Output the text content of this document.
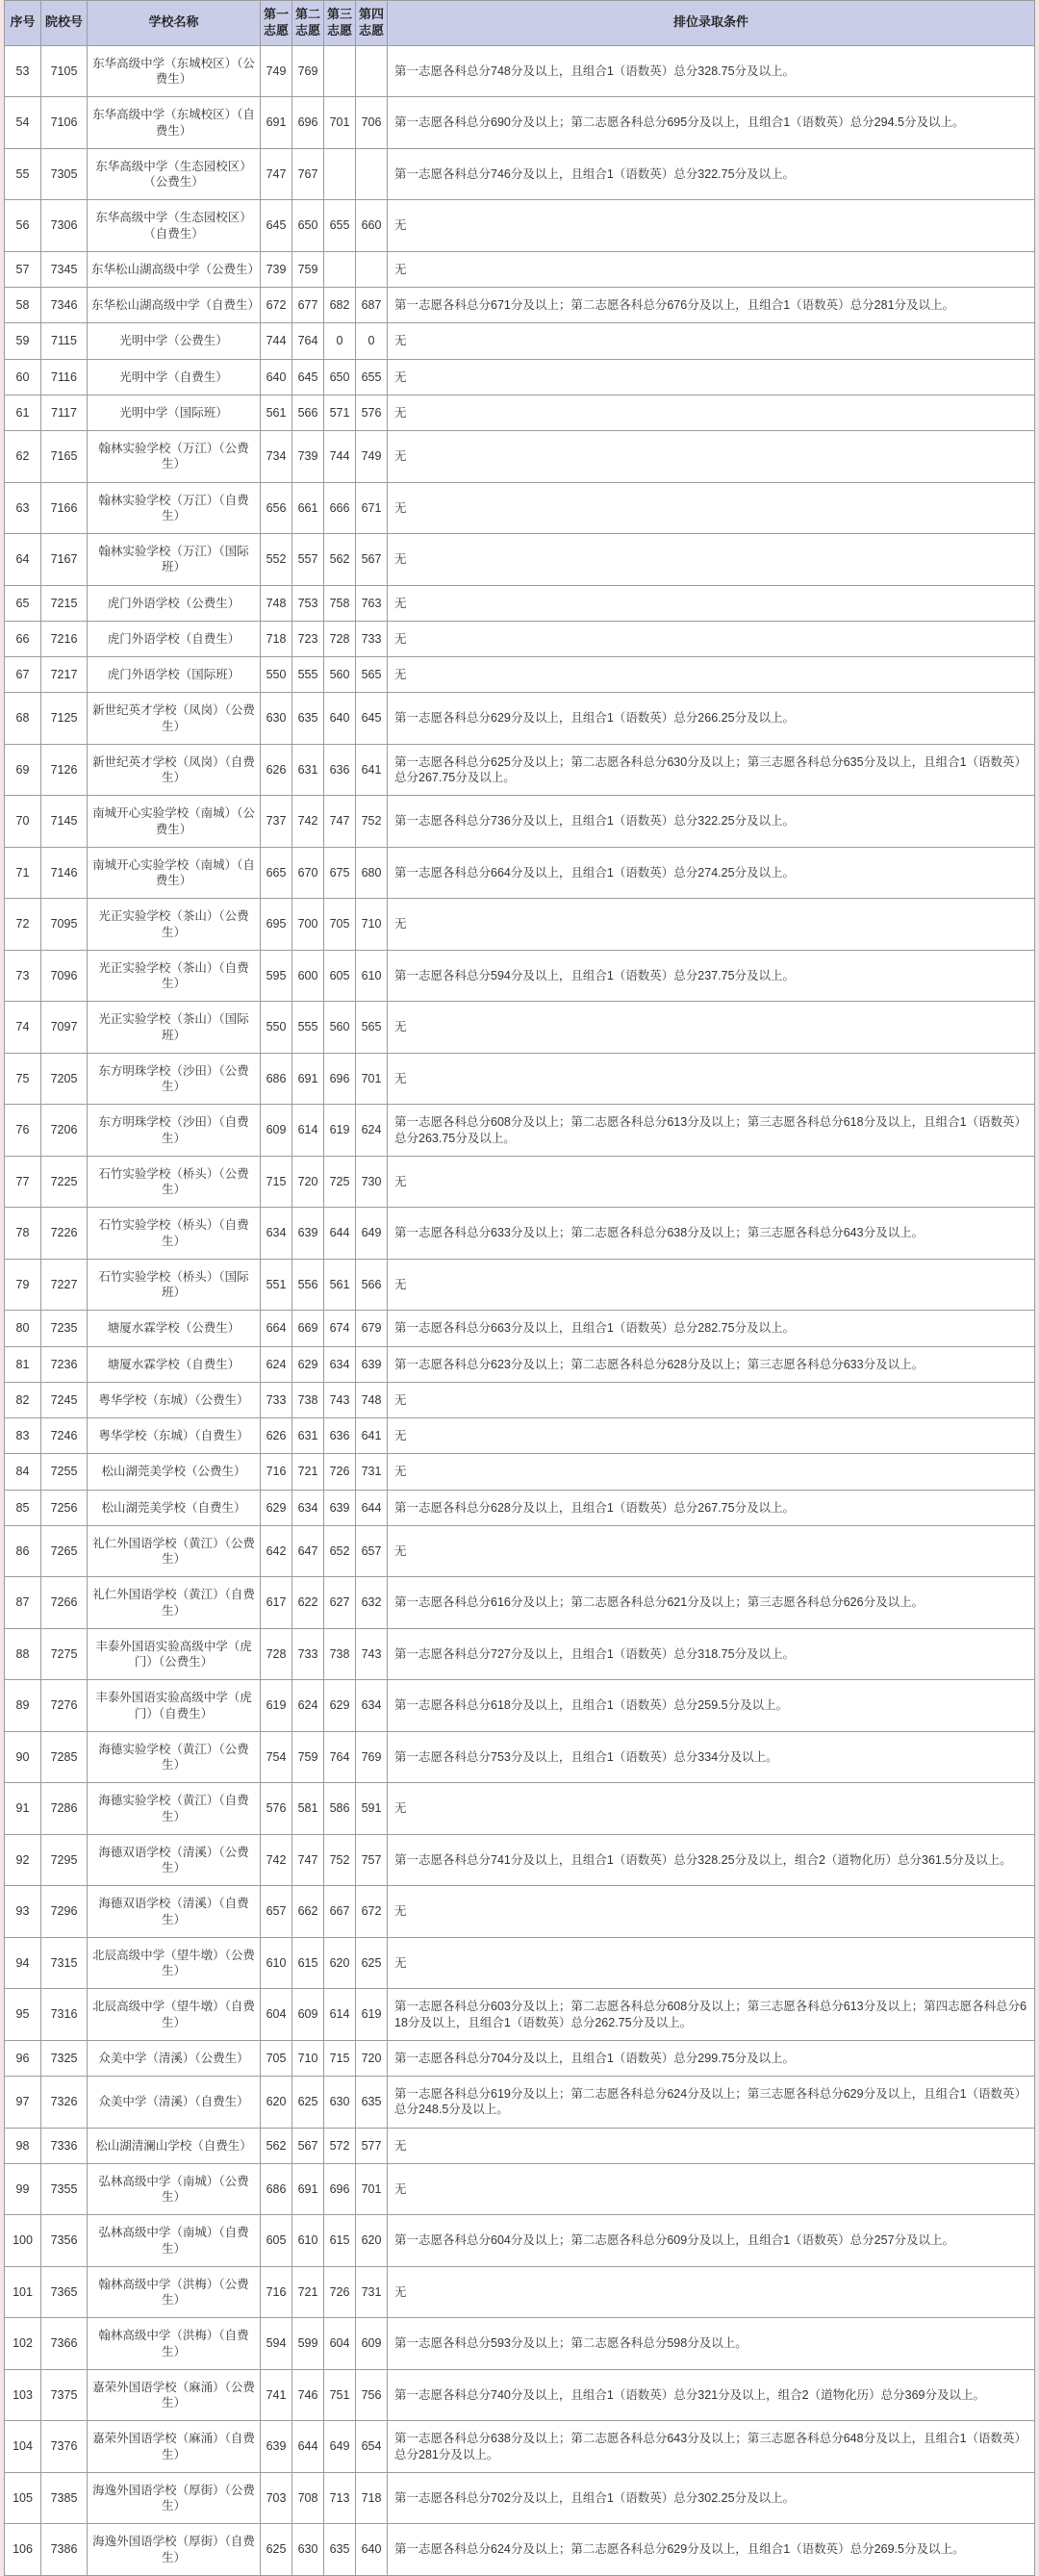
序号	院校号	学校名称	第一志愿	第二志愿	第三志愿	第四志愿	排位录取条件
53	7105	东华高级中学（东城校区）（公费生）	749	769			第一志愿各科总分748分及以上，且组合1（语数英）总分328.75分及以上。
54	7106	东华高级中学（东城校区）（自费生）	691	696	701	706	第一志愿各科总分690分及以上；第二志愿各科总分695分及以上，且组合1（语数英）总分294.5分及以上。
55	7305	东华高级中学（生态园校区）（公费生）	747	767			第一志愿各科总分746分及以上，且组合1（语数英）总分322.75分及以上。
56	7306	东华高级中学（生态园校区）（自费生）	645	650	655	660	无
57	7345	东华松山湖高级中学（公费生）	739	759			无
58	7346	东华松山湖高级中学（自费生）	672	677	682	687	第一志愿各科总分671分及以上；第二志愿各科总分676分及以上，且组合1（语数英）总分281分及以上。
59	7115	光明中学（公费生）	744	764	0	0	无
60	7116	光明中学（自费生）	640	645	650	655	无
61	7117	光明中学（国际班）	561	566	571	576	无
62	7165	翰林实验学校（万江）（公费生）	734	739	744	749	无
63	7166	翰林实验学校（万江）（自费生）	656	661	666	671	无
64	7167	翰林实验学校（万江）（国际班）	552	557	562	567	无
65	7215	虎门外语学校（公费生）	748	753	758	763	无
66	7216	虎门外语学校（自费生）	718	723	728	733	无
67	7217	虎门外语学校（国际班）	550	555	560	565	无
68	7125	新世纪英才学校（凤岗）（公费生）	630	635	640	645	第一志愿各科总分629分及以上，且组合1（语数英）总分266.25分及以上。
69	7126	新世纪英才学校（凤岗）（自费生）	626	631	636	641	第一志愿各科总分625分及以上；第二志愿各科总分630分及以上；第三志愿各科总分635分及以上，且组合1（语数英）总分267.75分及以上。
70	7145	南城开心实验学校（南城）（公费生）	737	742	747	752	第一志愿各科总分736分及以上，且组合1（语数英）总分322.25分及以上。
71	7146	南城开心实验学校（南城）（自费生）	665	670	675	680	第一志愿各科总分664分及以上，且组合1（语数英）总分274.25分及以上。
72	7095	光正实验学校（茶山）（公费生）	695	700	705	710	无
73	7096	光正实验学校（茶山）（自费生）	595	600	605	610	第一志愿各科总分594分及以上，且组合1（语数英）总分237.75分及以上。
74	7097	光正实验学校（茶山）（国际班）	550	555	560	565	无
75	7205	东方明珠学校（沙田）（公费生）	686	691	696	701	无
76	7206	东方明珠学校（沙田）（自费生）	609	614	619	624	第一志愿各科总分608分及以上；第二志愿各科总分613分及以上；第三志愿各科总分618分及以上，且组合1（语数英）总分263.75分及以上。
77	7225	石竹实验学校（桥头）（公费生）	715	720	725	730	无
78	7226	石竹实验学校（桥头）（自费生）	634	639	644	649	第一志愿各科总分633分及以上；第二志愿各科总分638分及以上；第三志愿各科总分643分及以上。
79	7227	石竹实验学校（桥头）（国际班）	551	556	561	566	无
80	7235	塘厦水霖学校（公费生）	664	669	674	679	第一志愿各科总分663分及以上，且组合1（语数英）总分282.75分及以上。
81	7236	塘厦水霖学校（自费生）	624	629	634	639	第一志愿各科总分623分及以上；第二志愿各科总分628分及以上；第三志愿各科总分633分及以上。
82	7245	粤华学校（东城）（公费生）	733	738	743	748	无
83	7246	粤华学校（东城）（自费生）	626	631	636	641	无
84	7255	松山湖莞美学校（公费生）	716	721	726	731	无
85	7256	松山湖莞美学校（自费生）	629	634	639	644	第一志愿各科总分628分及以上，且组合1（语数英）总分267.75分及以上。
86	7265	礼仁外国语学校（黄江）（公费生）	642	647	652	657	无
87	7266	礼仁外国语学校（黄江）（自费生）	617	622	627	632	第一志愿各科总分616分及以上；第二志愿各科总分621分及以上；第三志愿各科总分626分及以上。
88	7275	丰泰外国语实验高级中学（虎门）（公费生）	728	733	738	743	第一志愿各科总分727分及以上，且组合1（语数英）总分318.75分及以上。
89	7276	丰泰外国语实验高级中学（虎门）（自费生）	619	624	629	634	第一志愿各科总分618分及以上，且组合1（语数英）总分259.5分及以上。
90	7285	海德实验学校（黄江）（公费生）	754	759	764	769	第一志愿各科总分753分及以上，且组合1（语数英）总分334分及以上。
91	7286	海德实验学校（黄江）（自费生）	576	581	586	591	无
92	7295	海德双语学校（清溪）（公费生）	742	747	752	757	第一志愿各科总分741分及以上，且组合1（语数英）总分328.25分及以上，组合2（道物化历）总分361.5分及以上。
93	7296	海德双语学校（清溪）（自费生）	657	662	667	672	无
94	7315	北辰高级中学（望牛墩）（公费生）	610	615	620	625	无
95	7316	北辰高级中学（望牛墩）（自费生）	604	609	614	619	第一志愿各科总分603分及以上；第二志愿各科总分608分及以上；第三志愿各科总分613分及以上；第四志愿各科总分618分及以上，且组合1（语数英）总分262.75分及以上。
96	7325	众美中学（清溪）（公费生）	705	710	715	720	第一志愿各科总分704分及以上，且组合1（语数英）总分299.75分及以上。
97	7326	众美中学（清溪）（自费生）	620	625	630	635	第一志愿各科总分619分及以上；第二志愿各科总分624分及以上；第三志愿各科总分629分及以上，且组合1（语数英）总分248.5分及以上。
98	7336	松山湖清澜山学校（自费生）	562	567	572	577	无
99	7355	弘林高级中学（南城）（公费生）	686	691	696	701	无
100	7356	弘林高级中学（南城）（自费生）	605	610	615	620	第一志愿各科总分604分及以上；第二志愿各科总分609分及以上，且组合1（语数英）总分257分及以上。
101	7365	翰林高级中学（洪梅）（公费生）	716	721	726	731	无
102	7366	翰林高级中学（洪梅）（自费生）	594	599	604	609	第一志愿各科总分593分及以上；第二志愿各科总分598分及以上。
103	7375	嘉荣外国语学校（麻涌）（公费生）	741	746	751	756	第一志愿各科总分740分及以上，且组合1（语数英）总分321分及以上，组合2（道物化历）总分369分及以上。
104	7376	嘉荣外国语学校（麻涌）（自费生）	639	644	649	654	第一志愿各科总分638分及以上；第二志愿各科总分643分及以上；第三志愿各科总分648分及以上，且组合1（语数英）总分281分及以上。
105	7385	海逸外国语学校（厚街）（公费生）	703	708	713	718	第一志愿各科总分702分及以上，且组合1（语数英）总分302.25分及以上。
106	7386	海逸外国语学校（厚街）（自费生）	625	630	635	640	第一志愿各科总分624分及以上；第二志愿各科总分629分及以上，且组合1（语数英）总分269.5分及以上。
